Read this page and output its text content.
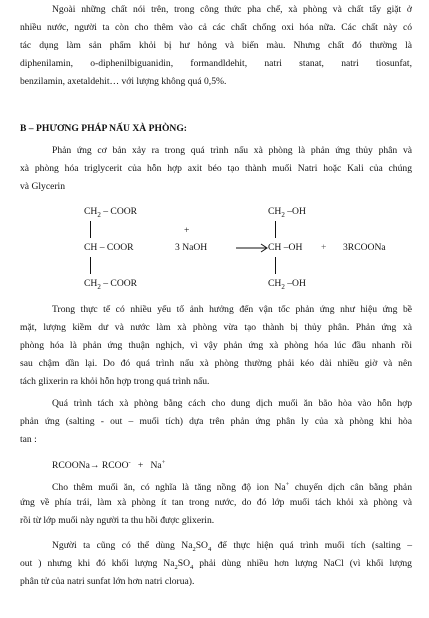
Ngoài những chất nói trên, trong công thức pha chế, xà phòng và chất tẩy giặt ở
nhiều nước, người ta còn cho thêm vào cả các chất chống oxi hóa nữa. Các chất này có
tác dụng làm sản phẩm khỏi bị hư hỏng và biến màu. Nhưng chất đó thường là
diphenilamin, o-diphenilbiguanidin, formandldehit, natri stanat, natri tiosunfat,
benzilamin, axetaldehit… với lượng không quá 0,5%.
B – PHƯƠNG PHÁP NẤU XÀ PHÒNG:
Phản ứng cơ bản xảy ra trong quá trình nấu xà phòng là phản ứng thủy phân và
xà phòng hóa triglycerit của hỗn hợp axit béo tạo thành muối Natri hoặc Kali của chúng
và Glycerin
$CH_2$ – COOR
+
CH – COOR
$CH_2$ – COOR
3 NaOH
$CH_2$ –OH
CH –OH + 3RCOONa
$CH_2$ –OH
Trong thực tế có nhiều yếu tố ảnh hưởng đến vận tốc phản ứng như hiệu ứng bề
mặt, lượng kiềm dư và nước làm xà phòng vừa tạo thành bị thủy phân. Phản ứng xà
phòng hóa là phản ứng thuận nghịch, vì vậy phản ứng xà phòng hóa lúc đầu nhanh rồi
sau chậm dần lại. Do đó quá trình nấu xà phòng thường phải kéo dài nhiều giờ và nên
tách glixerin ra khỏi hỗn hợp trong quá trình nấu.
Quá trình tách xà phòng bằng cách cho dung dịch muối ăn bão hòa vào hỗn hợp
phản ứng (salting - out – muối tích) dựa trên phản ứng phân ly của xà phòng khi hòa
tan :
RCOONa→ RCOO- + Na+
Cho thêm muối ăn, có nghĩa là tăng nồng độ ion Na+ chuyển dịch cân bằng phản
ứng về phía trái, làm xà phòng ít tan trong nước, do đó lớp muối tách khỏi xà phòng và
rồi từ lớp muối này người ta thu hồi được glixerin.
Người ta cũng có thể dùng $Na_2SO_4$ để thực hiện quá trình muối tích (salting –
out ) nhưng khi đó khối lượng $Na_2SO_4$ phải dùng nhiều hơn lượng NaCl (vì khối lượng
phân tử của natri sunfat lớn hơn natri clorua).
